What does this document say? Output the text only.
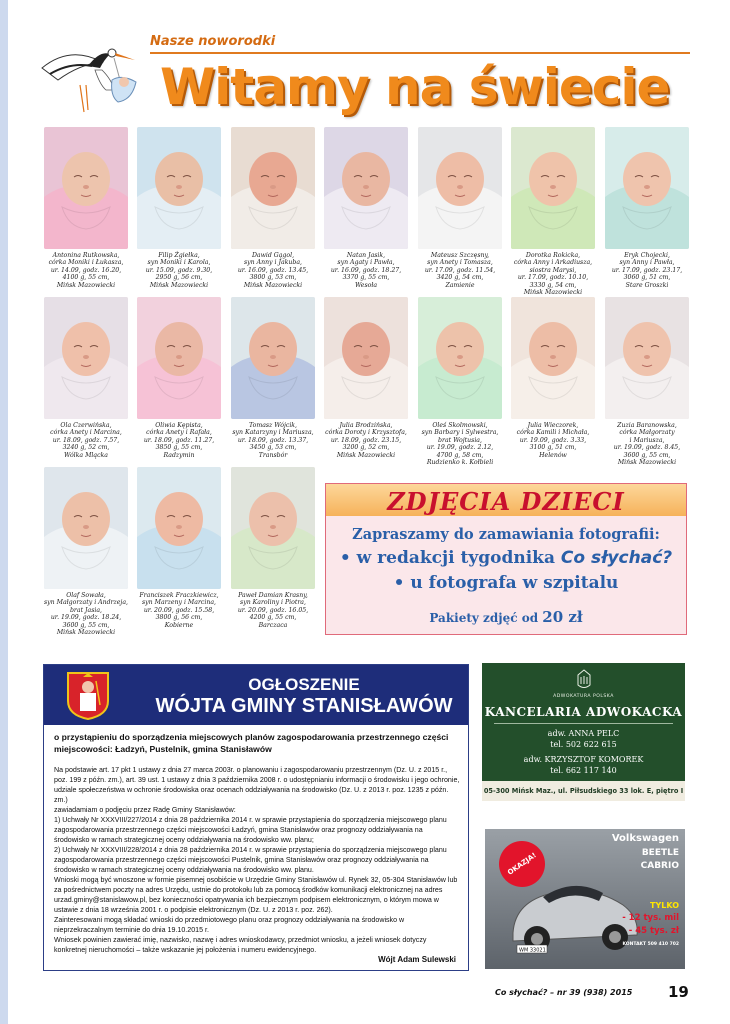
Nasze noworodki
Witamy na świecie
Antonina Rutkowska,
córka Moniki i Łukasza,
ur. 14.09, godz. 16.20,
4100 g, 55 cm,
Mińsk Mazowiecki
Filip Żgiełka,
syn Moniki i Karola,
ur. 15.09, godz. 9.30,
2950 g, 56 cm,
Mińsk Mazowiecki
Dawid Gągol,
syn Anny i Jakuba,
ur. 16.09, godz. 13.45,
3800 g, 53 cm,
Mińsk Mazowiecki
Natan Jasik,
syn Agaty i Pawła,
ur. 16.09, godz. 18.27,
3370 g, 55 cm,
Wesoła
Mateusz Szczęsny,
syn Anety i Tomasza,
ur. 17.09, godz. 11.54,
3420 g, 54 cm,
Zamienie
Dorotka Rokicka,
córka Anny i Arkadiusza,
siostra Marysi,
ur. 17.09, godz. 10.10,
3330 g, 54 cm,
Mińsk Mazowiecki
Eryk Chojecki,
syn Anny i Pawła,
ur. 17.09, godz. 23.17,
3060 g, 51 cm,
Stare Groszki
Ola Czerwińska,
córka Anety i Marcina,
ur. 18.09, godz. 7.57,
3240 g, 52 cm,
Wólka Mlącka
Oliwia Kępista,
córka Anety i Rafała,
ur. 18.09, godz. 11.27,
3850 g, 55 cm,
Radzymin
Tomasz Wójcik,
syn Katarzyny i Mariusza,
ur. 18.09, godz. 13.37,
3450 g, 53 cm,
Transbór
Julia Brodzińska,
córka Doroty i Krzysztofa,
ur. 18.09, godz. 23.15,
3200 g, 52 cm,
Mińsk Mazowiecki
Oleś Skolmowski,
syn Barbary i Sylwestra,
brat Wojtusia,
ur. 19.09, godz. 2.12,
4700 g, 58 cm,
Rudzienko k. Kołbieli
Julia Wieczorek,
córka Kamili i Michała,
ur. 19.09, godz. 3.33,
3100 g, 51 cm,
Helenów
Zuzia Baranowska,
córka Małgorzaty
i Mariusza,
ur. 19.09, godz. 8.45,
3600 g, 55 cm,
Mińsk Mazowiecki
Olaf Sowała,
syn Małgorzaty i Andrzeja,
brat Jasia,
ur. 19.09, godz. 18.24,
3600 g, 55 cm,
Mińsk Mazowiecki
Franciszek Fraczkiewicz,
syn Marzeny i Marcina,
ur. 20.09, godz. 15.58,
3800 g, 56 cm,
Kobierne
Paweł Damian Krasny,
syn Karoliny i Piotra,
ur. 20.09, godz. 16.05,
4200 g, 55 cm,
Barczaca
ZDJĘCIA DZIECI
Zapraszamy do zamawiania fotografii:
• w redakcji tygodnika Co słychać?
• u fotografa w szpitalu
Pakiety zdjęć od 20 zł
OGŁOSZENIE
WÓJTA GMINY STANISŁAWÓW
o przystąpieniu do sporządzenia miejscowych planów zagospodarowania przestrzennego części miejscowości: Ładzyń, Pustelnik, gmina Stanisławów

Na podstawie art. 17 pkt 1 ustawy z dnia 27 marca 2003r. o planowaniu i zagospodarowaniu przestrzennym (Dz. U. z 2015 r., poz. 199 z późn. zm.), art. 39 ust. 1 ustawy z dnia 3 października 2008 r. o udostępnianiu informacji o środowisku i jego ochronie, udziale społeczeństwa w ochronie środowiska oraz ocenach oddziaływania na środowisko (Dz. U. z 2013 r. poz. 1235 z późn. zm.)

zawiadamiam o podjęciu przez Radę Gminy Stanisławów:

1) Uchwały Nr XXXVIII/227/2014 z dnia 28 października 2014 r. w sprawie przystąpienia do sporządzenia miejscowego planu zagospodarowania przestrzennego części miejscowości Ładzyń, gmina Stanisławów oraz prognozy oddziaływania na środowisko w ramach strategicznej oceny oddziaływania na środowisko ww. planu;

2) Uchwały Nr XXXVIII/228/2014 z dnia 28 października 2014 r. w sprawie przystąpienia do sporządzenia miejscowego planu zagospodarowania przestrzennego części miejscowości Pustelnik, gmina Stanisławów oraz prognozy oddziaływania na środowisko w ramach strategicznej oceny oddziaływania na środowisko ww. planu.

Wnioski mogą być wnoszone w formie pisemnej osobiście w Urzędzie Gminy Stanisławów ul. Rynek 32, 05-304 Stanisławów lub za pośrednictwem poczty na adres Urzędu, ustnie do protokołu lub za pomocą środków komunikacji elektronicznej na adres urzad.gminy@stanislawow.pl, bez konieczności opatrywania ich bezpiecznym podpisem elektronicznym, o którym mowa w ustawie z dnia 18 września 2001 r. o podpisie elektronicznym (Dz. U. z 2013 r. poz. 262).

Zainteresowani mogą składać wnioski do przedmiotowego planu oraz prognozy oddziaływania na środowisko w nieprzekraczalnym terminie do dnia 19.10.2015 r.

Wniosek powinien zawierać imię, nazwisko, nazwę i adres wnioskodawcy, przedmiot wniosku, a jeżeli wniosek dotyczy konkretnej nieruchomości – także wskazanie jej położenia i numeru ewidencyjnego.

Wójt Adam Sulewski
ADWOKATURA POLSKA
KANCELARIA ADWOKACKA
adw. ANNA PELC
tel. 502 622 615
adw. KRZYSZTOF KOMOREK
tel. 662 117 140
05-300 Mińsk Maz., ul. Piłsudskiego 33 lok. E, piętro I
Volkswagen
BEETLE
CABRIO
OKAZJA!
WM 33021
TYLKO
- 12 tys. mil
- 45 tys. zł
KONTAKT 509 410 702
Co słychać? – nr 39 (938) 2015 19
